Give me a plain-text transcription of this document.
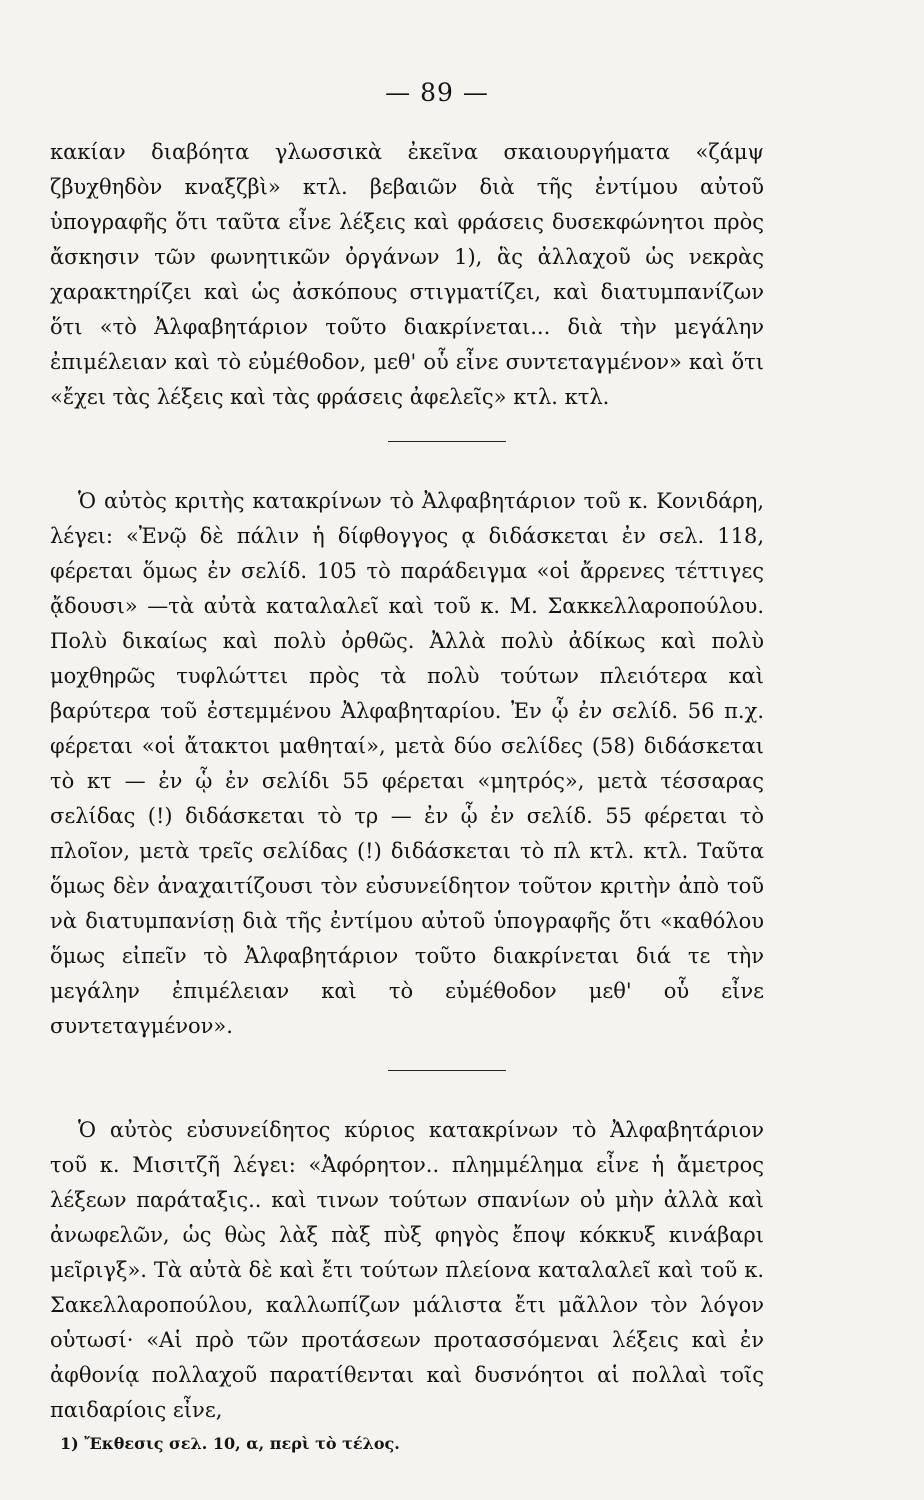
— 89 —

κακίαν διαβόητα γλωσσικὰ ἐκεῖνα σκαιουργήματα «ζάμψ ζβυχθηδὸν κναξζβὶ» κτλ. βεβαιῶν διὰ τῆς ἐντίμου αὐτοῦ ὑπογραφῆς ὅτι ταῦτα εἶνε λέξεις καὶ φράσεις δυσεκφώνητοι πρὸς ἄσκησιν τῶν φωνητικῶν ὀργάνων 1), ἃς ἀλλαχοῦ ὡς νεκρὰς χαρακτηρίζει καὶ ὡς ἀσκόπους στιγματίζει, καὶ διατυμπανίζων ὅτι «τὸ Ἀλφαβητάριον τοῦτο διακρίνεται... διὰ τὴν μεγάλην ἐπιμέλειαν καὶ τὸ εὐμέθοδον, μεθ' οὗ εἶνε συντεταγμένον» καὶ ὅτι «ἔχει τὰς λέξεις καὶ τὰς φράσεις ἀφελεῖς» κτλ. κτλ.

Ὁ αὐτὸς κριτὴς κατακρίνων τὸ Ἀλφαβητάριον τοῦ κ. Κονιδάρη, λέγει: «Ἐνῷ δὲ πάλιν ἡ δίφθογγος ᾳ διδάσκεται ἐν σελ. 118, φέρεται ὅμως ἐν σελίδ. 105 τὸ παράδειγμα «οἱ ἄρρενες τέττιγες ᾄδουσι» —τὰ αὐτὰ καταλαλεῖ καὶ τοῦ κ. Μ. Σακκελλαροπούλου. Πολὺ δικαίως καὶ πολὺ ὀρθῶς. Ἀλλὰ πολὺ ἀδίκως καὶ πολὺ μοχθηρῶς τυφλώττει πρὸς τὰ πολὺ τούτων πλειότερα καὶ βαρύτερα τοῦ ἐστεμμένου Ἀλφαβηταρίου. Ἐν ᾧ ἐν σελίδ. 56 π.χ. φέρεται «οἱ ἄτακτοι μαθηταί», μετὰ δύο σελίδες (58) διδάσκεται τὸ κτ — ἐν ᾧ ἐν σελίδι 55 φέρεται «μητρός», μετὰ τέσσαρας σελίδας (!) διδάσκεται τὸ τρ — ἐν ᾧ ἐν σελίδ. 55 φέρεται τὸ πλοῖον, μετὰ τρεῖς σελίδας (!) διδάσκεται τὸ πλ κτλ. κτλ. Ταῦτα ὅμως δὲν ἀναχαιτίζουσι τὸν εὐσυνείδητον τοῦτον κριτὴν ἀπὸ τοῦ νὰ διατυμπανίσῃ διὰ τῆς ἐντίμου αὐτοῦ ὑπογραφῆς ὅτι «καθόλου ὅμως εἰπεῖν τὸ Ἀλφαβητάριον τοῦτο διακρίνεται διά τε τὴν μεγάλην ἐπιμέλειαν καὶ τὸ εὐμέθοδον μεθ' οὗ εἶνε συντεταγμένον».

Ὁ αὐτὸς εὐσυνείδητος κύριος κατακρίνων τὸ Ἀλφαβητάριον τοῦ κ. Μισιτζῆ λέγει: «Ἀφόρητον.. πλημμέλημα εἶνε ἡ ἄμετρος λέξεων παράταξις.. καὶ τινων τούτων σπανίων οὐ μὴν ἀλλὰ καὶ ἀνωφελῶν, ὡς θὼς λὰξ πὰξ πὺξ φηγὸς ἔποψ κόκκυξ κινάβαρι μεῖριγξ». Τὰ αὐτὰ δὲ καὶ ἔτι τούτων πλείονα καταλαλεῖ καὶ τοῦ κ. Σακελλαροπούλου, καλλωπίζων μάλιστα ἔτι μᾶλλον τὸν λόγον οὑτωσί· «Αἱ πρὸ τῶν προτάσεων προτασσόμεναι λέξεις καὶ ἐν ἀφθονίᾳ πολλαχοῦ παρατίθενται καὶ δυσνόητοι αἱ πολλαὶ τοῖς παιδαρίοις εἶνε,

1) Ἔκθεσις σελ. 10, α, περὶ τὸ τέλος.
